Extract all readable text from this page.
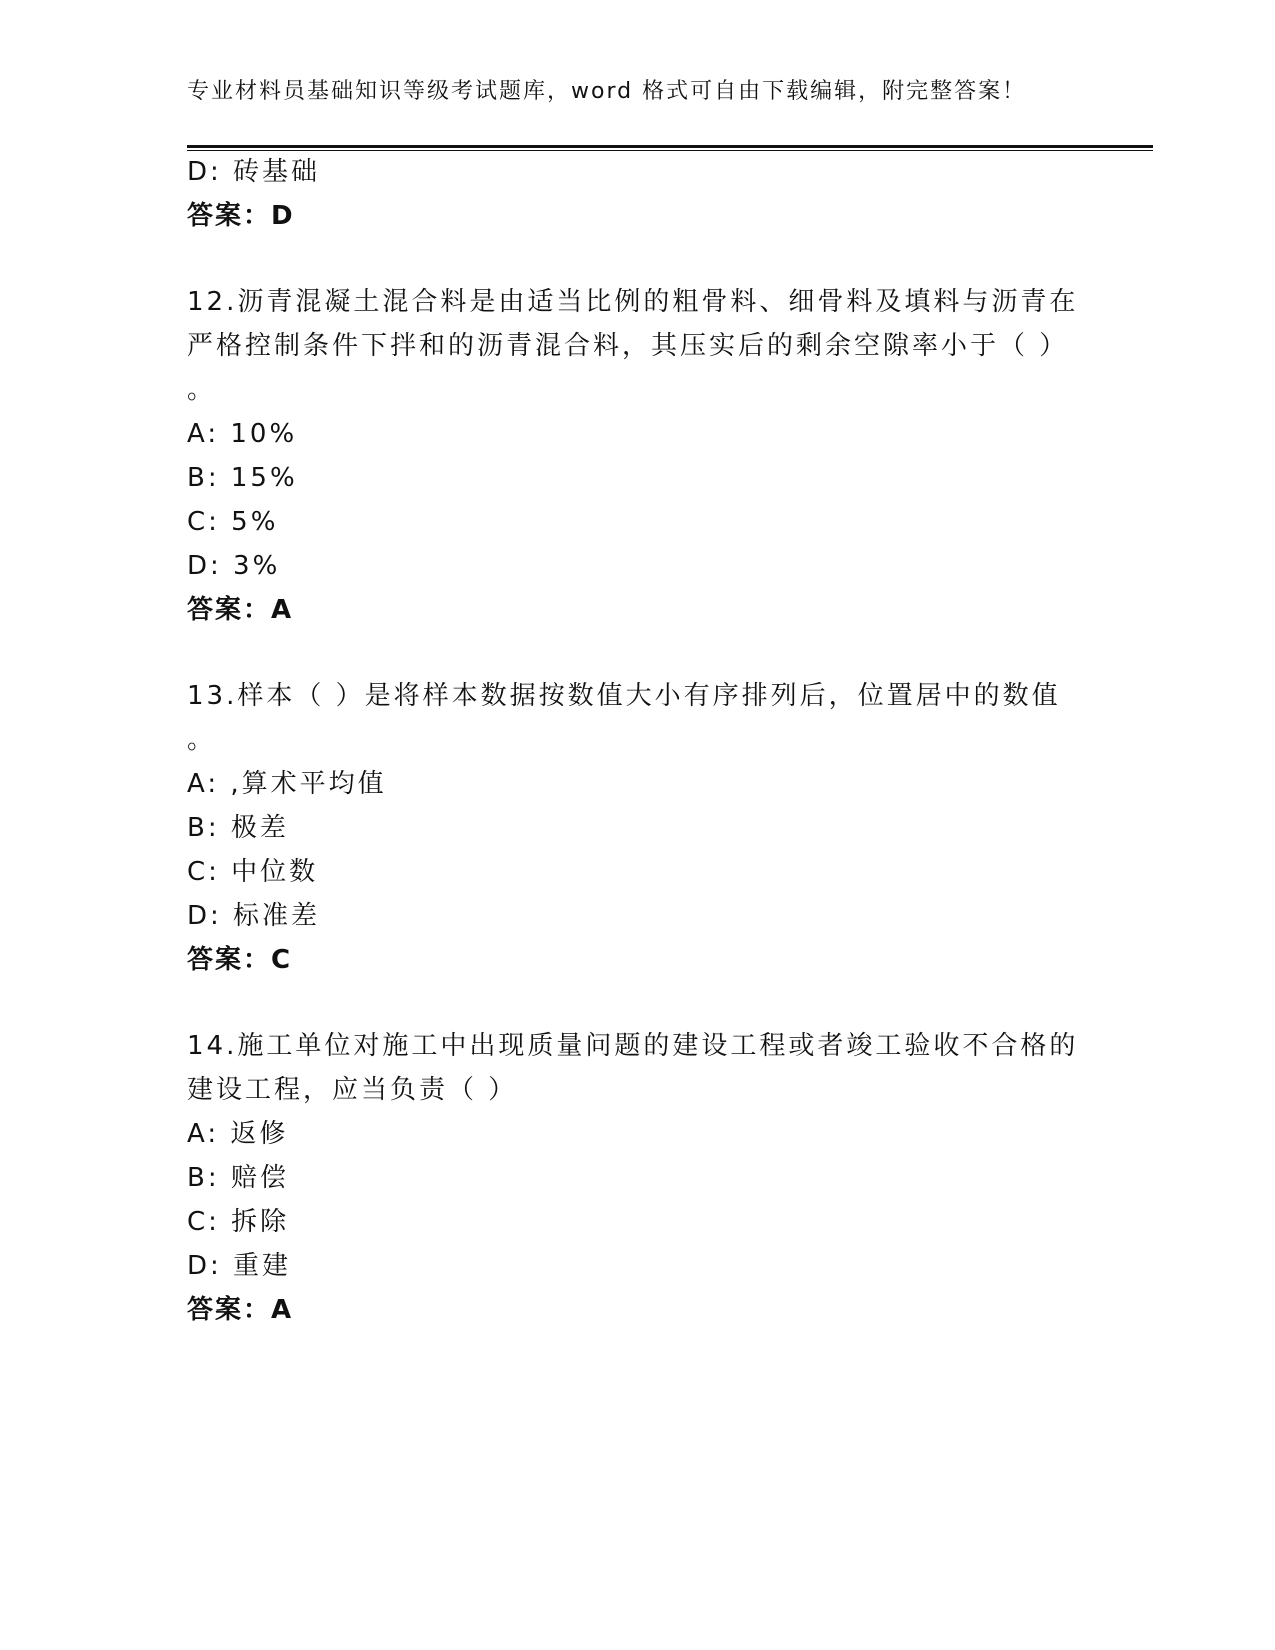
专业材料员基础知识等级考试题库，word 格式可自由下载编辑，附完整答案！
D: 砖基础
答案：D
12.沥青混凝土混合料是由适当比例的粗骨料、细骨料及填料与沥青在
严格控制条件下拌和的沥青混合料，其压实后的剩余空隙率小于（ ）
。
A: 10%
B: 15%
C: 5%
D: 3%
答案：A
13.样本（ ）是将样本数据按数值大小有序排列后，位置居中的数值
。
A: ,算术平均值
B: 极差
C: 中位数
D: 标准差
答案：C
14.施工单位对施工中出现质量问题的建设工程或者竣工验收不合格的
建设工程，应当负责（ ）
A: 返修
B: 赔偿
C: 拆除
D: 重建
答案：A
